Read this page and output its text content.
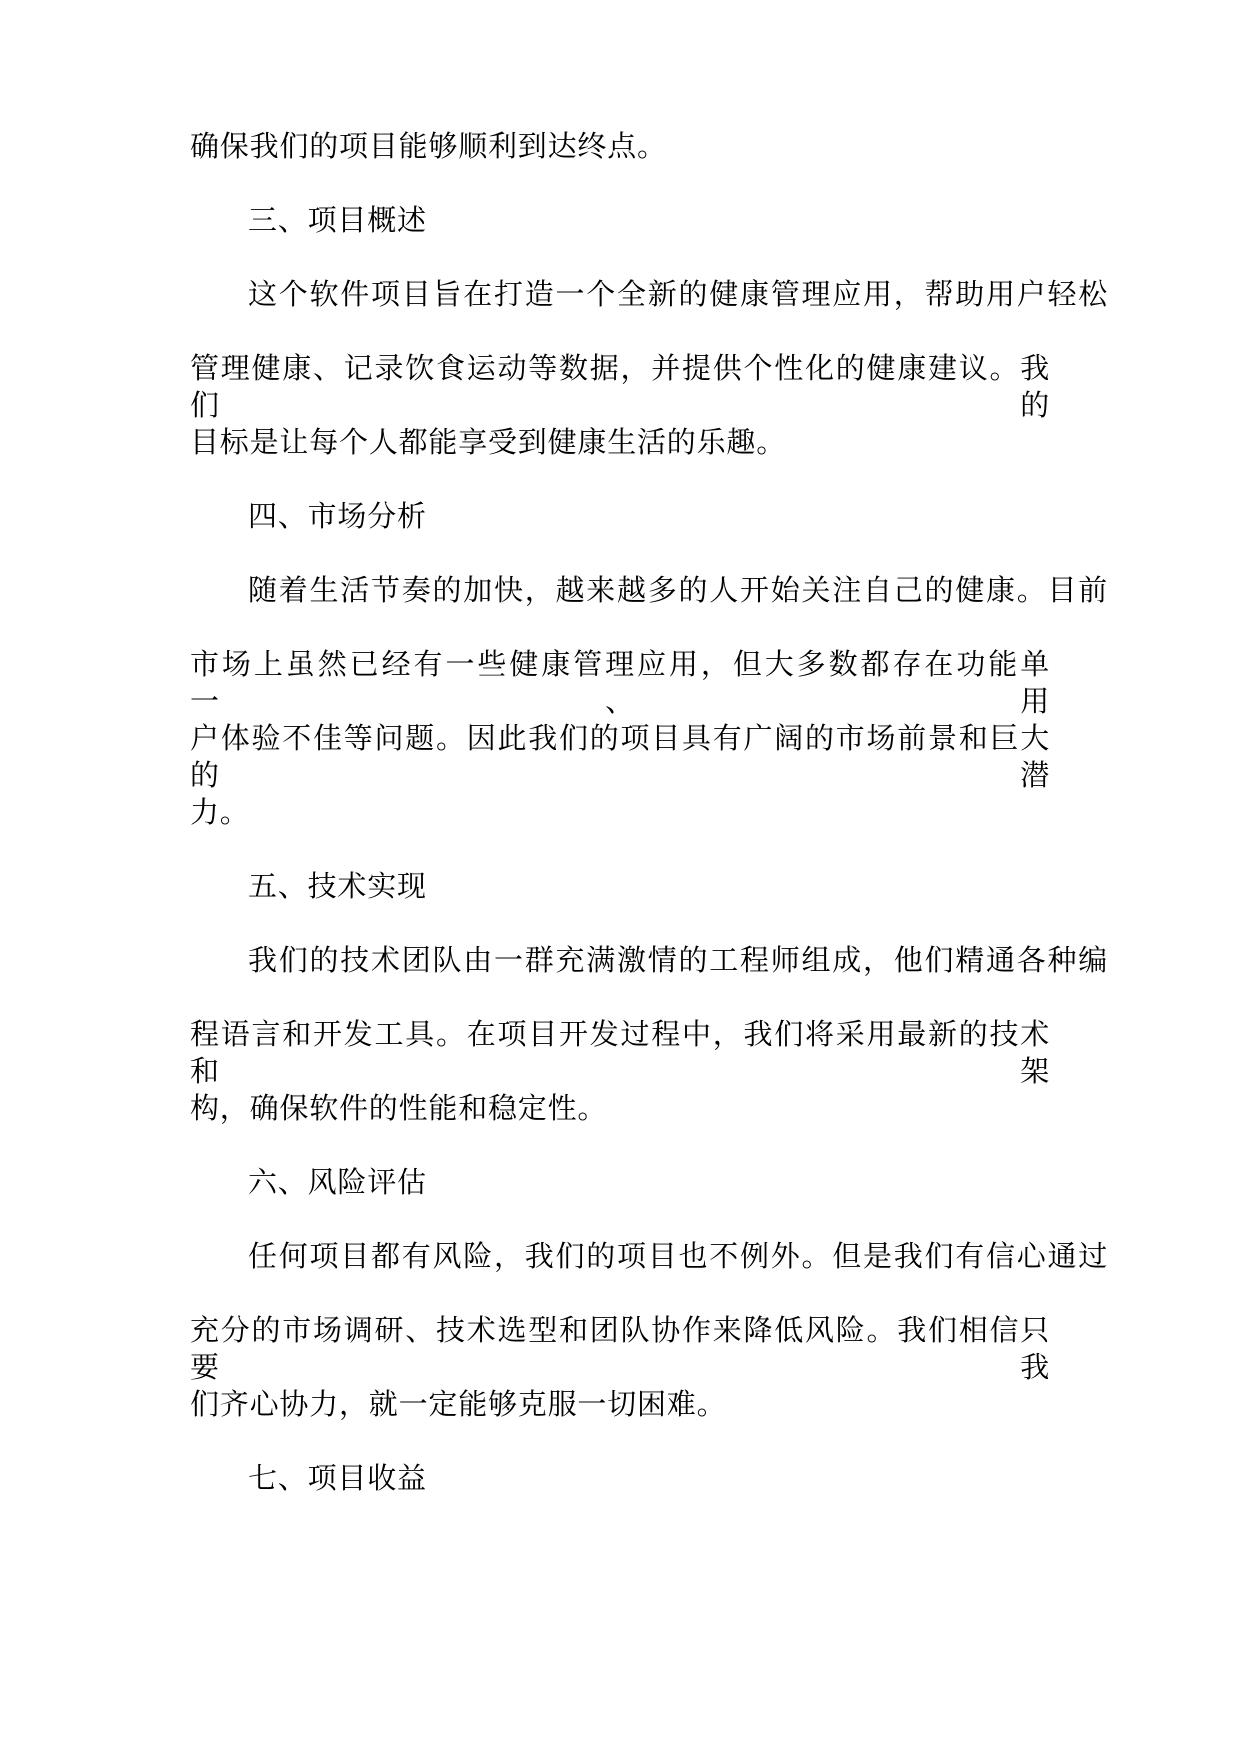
确保我们的项目能够顺利到达终点。

三、项目概述

这个软件项目旨在打造一个全新的健康管理应用，帮助用户轻松

管理健康、记录饮食运动等数据，并提供个性化的健康建议。我们的

目标是让每个人都能享受到健康生活的乐趣。

四、市场分析

随着生活节奏的加快，越来越多的人开始关注自己的健康。目前

市场上虽然已经有一些健康管理应用，但大多数都存在功能单一、用

户体验不佳等问题。因此我们的项目具有广阔的市场前景和巨大的潜

力。

五、技术实现

我们的技术团队由一群充满激情的工程师组成，他们精通各种编

程语言和开发工具。在项目开发过程中，我们将采用最新的技术和架

构，确保软件的性能和稳定性。

六、风险评估

任何项目都有风险，我们的项目也不例外。但是我们有信心通过

充分的市场调研、技术选型和团队协作来降低风险。我们相信只要我

们齐心协力，就一定能够克服一切困难。

七、项目收益
